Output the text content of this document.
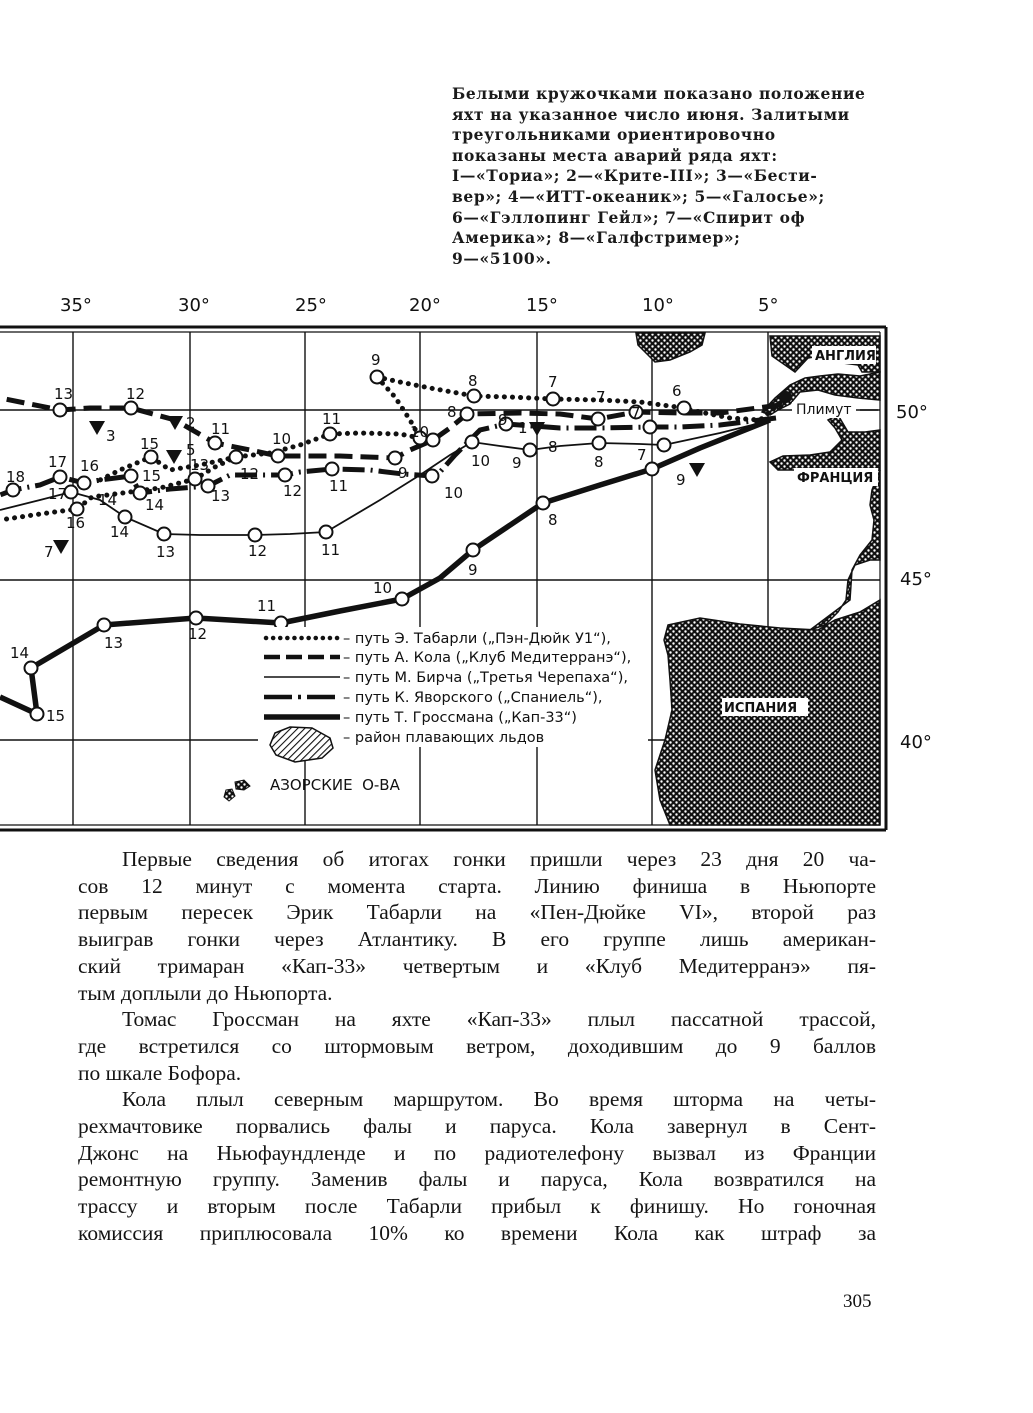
Белыми кружочками показано положение
яхт на указанное число июня. Залитыми
треугольниками ориентировочно
показаны места аварий ряда яхт:
I—«Ториа»; 2—«Крите-III»; 3—«Бести-
вер»; 4—«ИТТ-океаник»; 5—«Галосье»;
6—«Гэллопинг Гейл»; 7—«Спирит оф
Америка»; 8—«Галфстример»;
9—«5100».
35°	30°	25°	20°	15°	10°	5°
50°
45°
40°
АНГЛИЯ
ФРАНЦИЯ
ИСПАНИЯ
Плимут
6
7
8
9
10
11
13
14
15
16
7
7
8
10
11
12
13
7
8
8
9
10
11
12
13
14
17
9
10
9
11
12
12
13
14
15
16
17
18
8
9
10
11
12
13
14
15
1
2
3
5
7
9
– путь Э. Табарли („Пэн-Дюйк У1“),
– путь А. Кола („Клуб Медитерранэ“),
– путь М. Бирча („Третья Черепаха“),
– путь К. Яворского („Спаниель“),
– путь Т. Гроссмана („Кап-33“)
– район плавающих льдов
АЗОРСКИЕ  О-ВА

Первые сведения об итогах гонки пришли через 23 дня 20 ча-
сов 12 минут с момента старта. Линию финиша в Ньюпорте
первым пересек Эрик Табарли на «Пен-Дюйке VI», второй раз
выиграв гонки через Атлантику. В его группе лишь американ-
ский тримаран «Кап-33» четвертым и «Клуб Медитерранэ» пя-
тым доплыли до Ньюпорта.

Томас Гроссман на яхте «Кап-33» плыл пассатной трассой,
где встретился со штормовым ветром, доходившим до 9 баллов
по шкале Бофора.

Кола плыл северным маршрутом. Во время шторма на четы-
рехмачтовике порвались фалы и паруса. Кола завернул в Сент-
Джонс на Ньюфаундленде и по радиотелефону вызвал из Франции
ремонтную группу. Заменив фалы и паруса, Кола возвратился на
трассу и вторым после Табарли прибыл к финишу. Но гоночная
комиссия приплюсовала 10% ко времени Кола как штраф за

305
